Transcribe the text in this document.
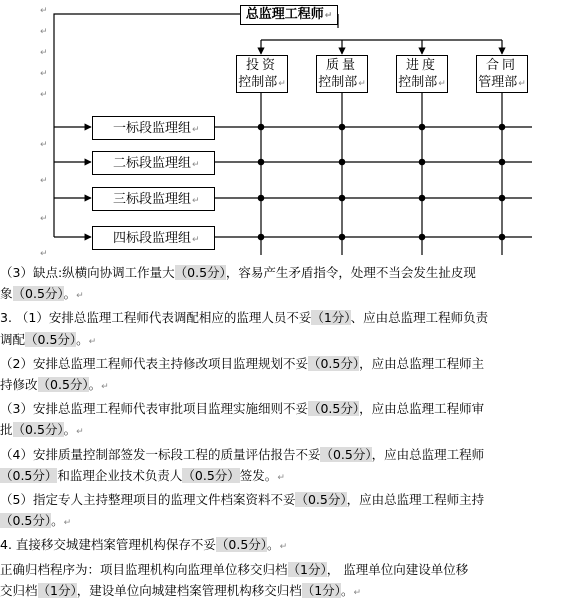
↵
↵
↵
↵
↵
↵
↵
↵
↵
总监理工程师↵
投资
控制部↵
质量
控制部↵
进度
控制部↵
合同
管理部↵
一标段监理组↵
二标段监理组↵
三标段监理组↵
四标段监理组↵
（3）缺点:纵横向协调工作量大（0.5分），容易产生矛盾指令，处理不当会发生扯皮现
象（0.5分）。↵
3. （1）安排总监理工程师代表调配相应的监理人员不妥（1分）、应由总监理工程师负责
调配（0.5分）。↵
（2）安排总监理工程师代表主持修改项目监理规划不妥（0.5分），应由总监理工程师主
持修改（0.5分）。↵
（3）安排总监理工程师代表审批项目监理实施细则不妥（0.5分），应由总监理工程师审
批（0.5分）。↵
（4）安排质量控制部签发一标段工程的质量评估报告不妥（0.5分），应由总监理工程师
（0.5分）和监理企业技术负责人（0.5分）签发。↵
（5）指定专人主持整理项目的监理文件档案资料不妥（0.5分），应由总监理工程师主持
（0.5分）。↵
4. 直接移交城建档案管理机构保存不妥（0.5分）。↵
正确归档程序为：项目监理机构向监理单位移交归档（1分）， 监理单位向建设单位移
交归档（1分），建设单位向城建档案管理机构移交归档（1分）。↵
